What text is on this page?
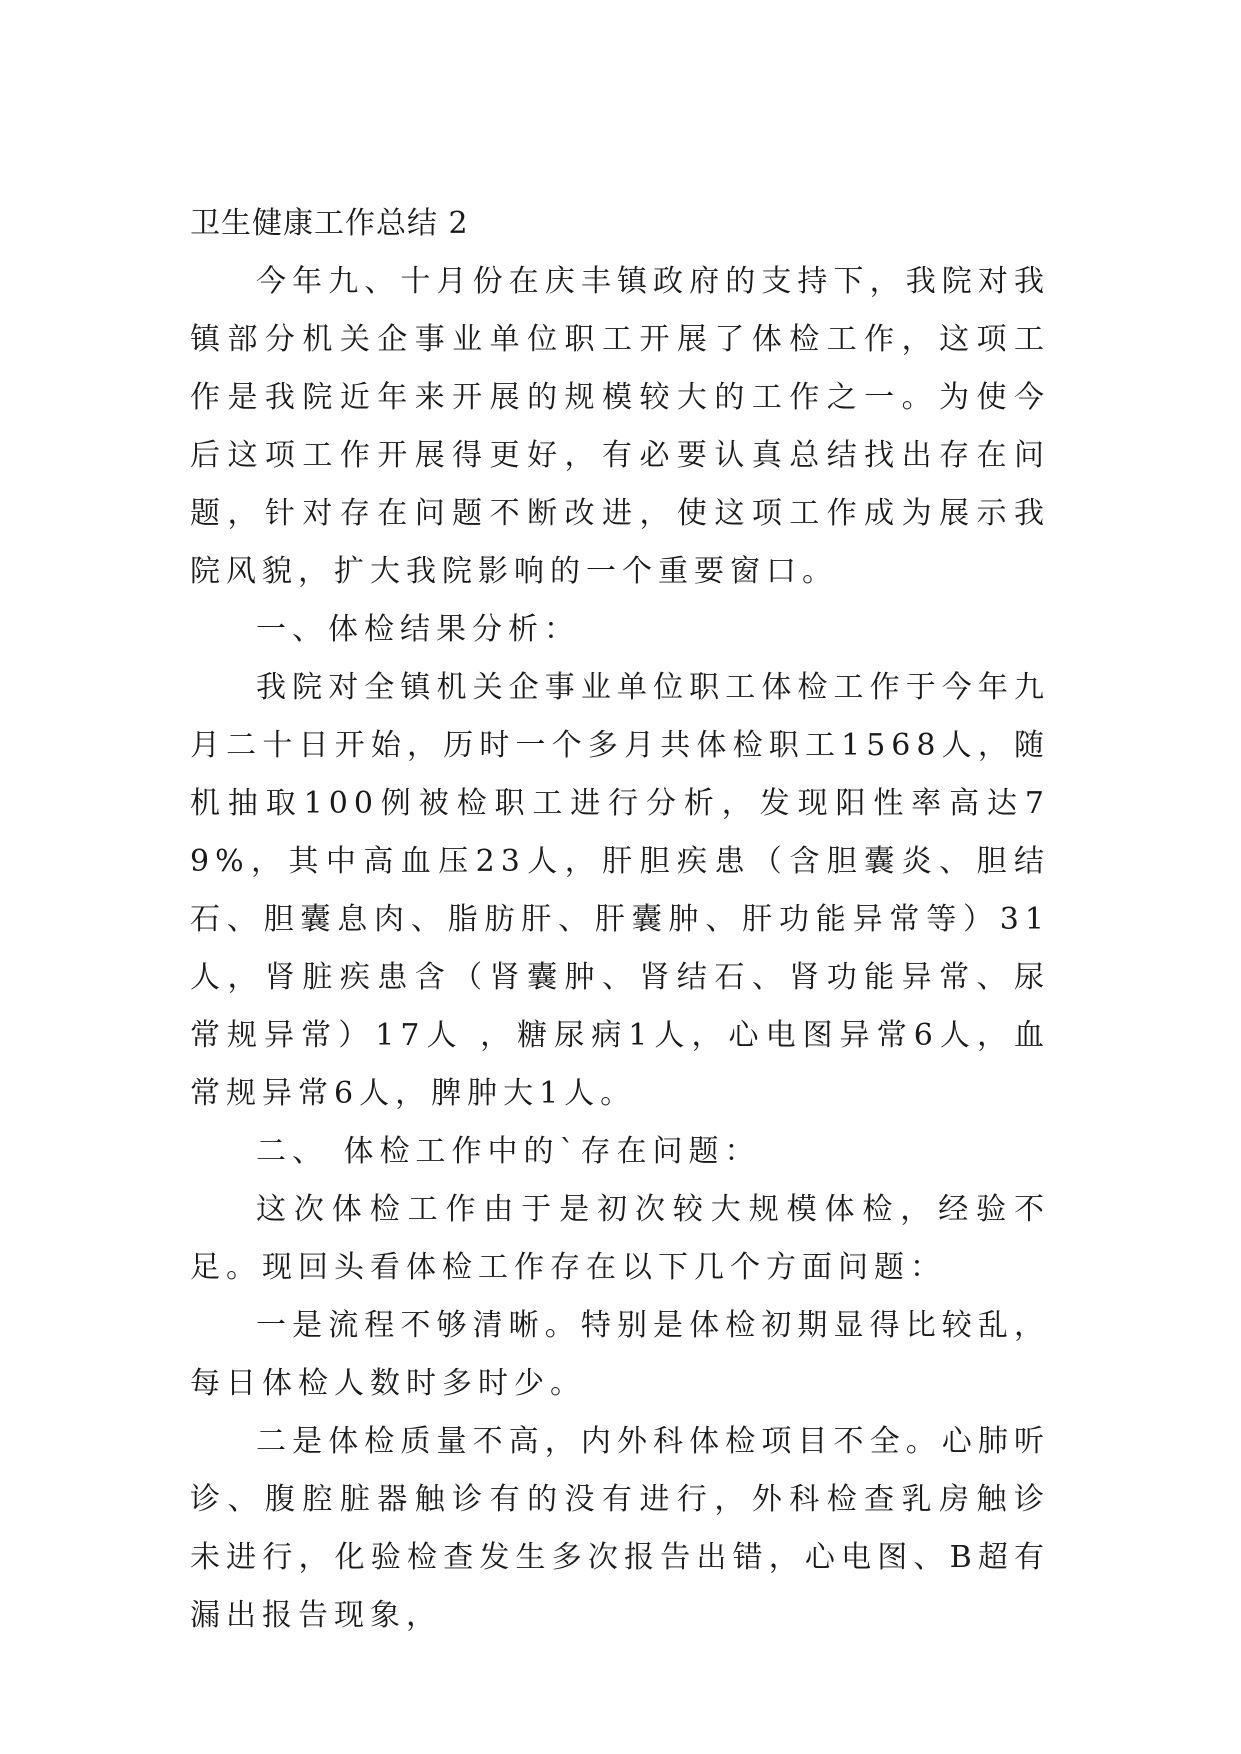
卫生健康工作总结 2

今年九、十月份在庆丰镇政府的支持下，我院对我镇部分机关企事业单位职工开展了体检工作，这项工作是我院近年来开展的规模较大的工作之一。为使今后这项工作开展得更好，有必要认真总结找出存在问题，针对存在问题不断改进，使这项工作成为展示我院风貌，扩大我院影响的一个重要窗口。

一、体检结果分析：

我院对全镇机关企事业单位职工体检工作于今年九月二十日开始，历时一个多月共体检职工1568人，随机抽取100例被检职工进行分析，发现阳性率高达79%，其中高血压23人，肝胆疾患（含胆囊炎、胆结石、胆囊息肉、脂肪肝、肝囊肿、肝功能异常等）31人，肾脏疾患含（肾囊肿、肾结石、肾功能异常、尿常规异常）17人 ，糖尿病1人，心电图异常6人，血常规异常6人，脾肿大1人。

二、 体检工作中的`存在问题：

这次体检工作由于是初次较大规模体检，经验不足。现回头看体检工作存在以下几个方面问题：

一是流程不够清晰。特别是体检初期显得比较乱，每日体检人数时多时少。

二是体检质量不高，内外科体检项目不全。心肺听诊、腹腔脏器触诊有的没有进行，外科检查乳房触诊未进行，化验检查发生多次报告出错，心电图、B超有漏出报告现象，
